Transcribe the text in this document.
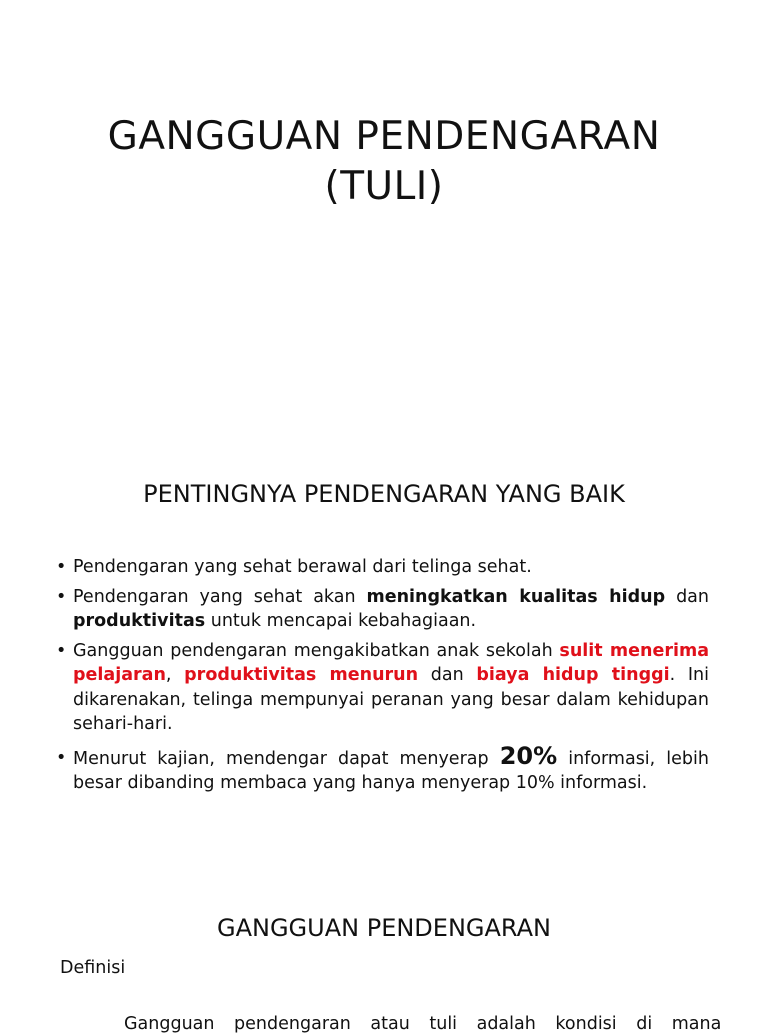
GANGGUAN PENDENGARAN
(TULI)
PENTINGNYA PENDENGARAN YANG BAIK
• Pendengaran yang sehat berawal dari telinga sehat.
• Pendengaran yang sehat akan meningkatkan kualitas hidup dan produktivitas untuk mencapai kebahagiaan.
• Gangguan pendengaran mengakibatkan anak sekolah sulit menerima pelajaran, produktivitas menurun dan biaya hidup tinggi. Ini dikarenakan, telinga mempunyai peranan yang besar dalam kehidupan sehari-hari.
• Menurut kajian, mendengar dapat menyerap 20% informasi, lebih besar dibanding membaca yang hanya menyerap 10% informasi.
GANGGUAN PENDENGARAN
Definisi
Gangguan pendengaran atau tuli adalah kondisi di mana
